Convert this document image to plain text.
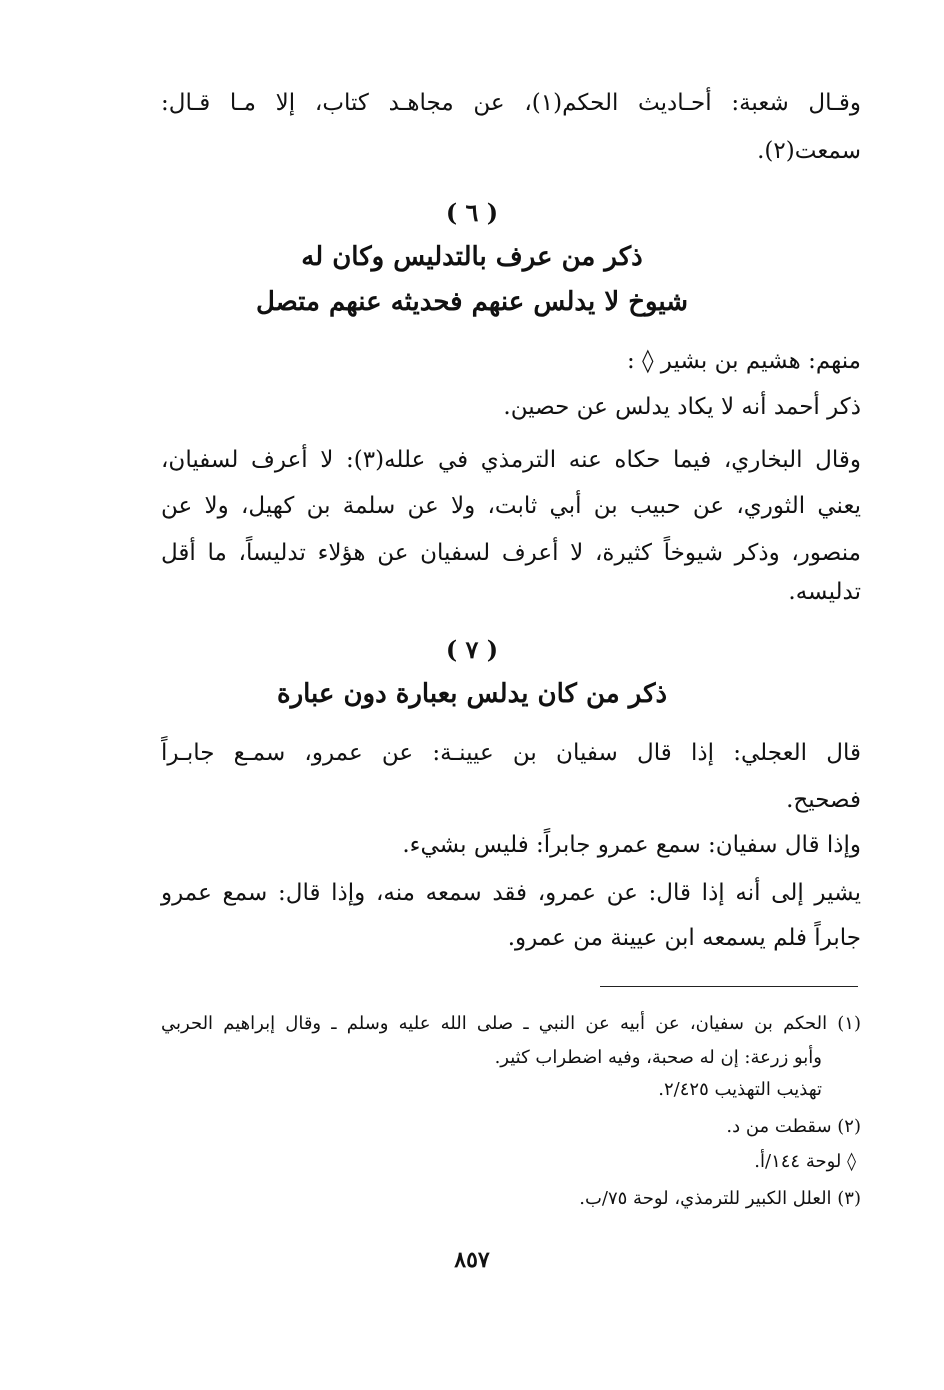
وقـال شعبة: أحـاديث الحكم(١)، عن مجاهـد كتاب، إلا مـا قـال:
سمعت(٢).
( ٦ )
ذكر من عرف بالتدليس وكان له
شيوخ لا يدلس عنهم فحديثه عنهم متصل
منهم: هشيم بن بشير ◊ :
ذكر أحمد أنه لا يكاد يدلس عن حصين.
وقال البخاري، فيما حكاه عنه الترمذي في علله(٣): لا أعرف لسفيان،
يعني الثوري، عن حبيب بن أبي ثابت، ولا عن سلمة بن كهيل، ولا عن
منصور، وذكر شيوخاً كثيرة، لا أعرف لسفيان عن هؤلاء تدليساً، ما أقل
تدليسه.
( ٧ )
ذكر من كان يدلس بعبارة دون عبارة
قال العجلي: إذا قال سفيان بن عيينـة: عن عمرو، سمـع جابـراً
فصحيح.
وإذا قال سفيان: سمع عمرو جابراً: فليس بشيء.
يشير إلى أنه إذا قال: عن عمرو، فقد سمعه منه، وإذا قال: سمع عمرو
جابراً فلم يسمعه ابن عيينة من عمرو.
(١) الحكم بن سفيان، عن أبيه عن النبي ـ صلى الله عليه وسلم ـ وقال إبراهيم الحربي
وأبو زرعة: إن له صحبة، وفيه اضطراب كثير.
تهذيب التهذيب ٢/٤٢٥.
(٢) سقطت من د.
◊ لوحة ١٤٤/أ.
(٣) العلل الكبير للترمذي، لوحة ٧٥/ب.
٨٥٧
